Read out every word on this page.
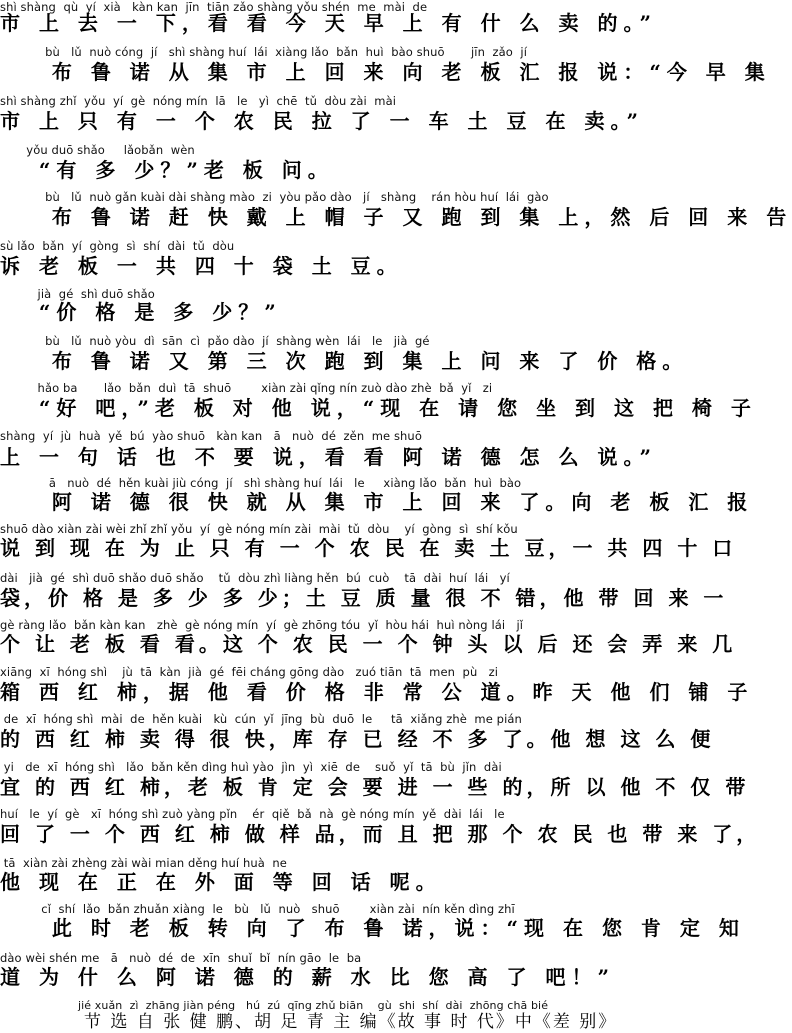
shì shàng  qù  yí  xià   kàn kan  jīn  tiān zǎo shàng yǒu shén  me  mài  de
市 上 去 一 下，看 看 今 天 早 上 有 什 么 卖 的。”
bù   lǔ  nuò cóng  jí   shì shàng huí  lái  xiàng lǎo  bǎn  huì  bào shuō       jīn  zǎo  jí
布 鲁 诺 从 集 市 上 回 来 向 老 板 汇 报 说：“今 早 集
shì shàng zhǐ  yǒu  yí  gè  nóng mín  lā   le   yì  chē  tǔ  dòu zài  mài
市 上 只 有 一 个 农 民 拉 了 一 车 土 豆 在 卖。”
yǒu duō shǎo     lǎobǎn  wèn
“有 多 少？”老 板 问。
bù   lǔ  nuò gǎn kuài dài shàng mào  zi  yòu pǎo dào   jí   shàng    rán hòu huí  lái  gào
布 鲁 诺 赶 快 戴 上 帽 子 又 跑 到 集 上，然 后 回 来 告
sù lǎo  bǎn  yí  gòng  sì  shí  dài  tǔ  dòu
诉 老 板 一 共 四 十 袋 土 豆。
jià  gé  shì duō shǎo
“价 格 是 多 少？”
bù   lǔ  nuò yòu  dì  sān  cì  pǎo dào  jí  shàng wèn  lái   le   jià  gé
布 鲁 诺 又 第 三 次 跑 到 集 上 问 来 了 价 格。
hǎo ba       lǎo  bǎn  duì  tā  shuō        xiàn zài qǐng nín zuò dào zhè  bǎ  yǐ   zi
“好 吧，”老 板 对 他 说，“现 在 请 您 坐 到 这 把 椅 子
shàng  yí  jù  huà  yě  bú  yào shuō   kàn kan   ā   nuò  dé  zěn  me shuō
上 一 句 话 也 不 要 说，看 看 阿 诺 德 怎 么 说。”
ā   nuò  dé  hěn kuài jiù cóng  jí   shì shàng huí  lái   le     xiàng lǎo  bǎn  huì  bào
阿 诺 德 很 快 就 从 集 市 上 回 来 了。向 老 板 汇 报
shuō dào xiàn zài wèi zhǐ zhǐ yǒu  yí  gè nóng mín zài  mài  tǔ  dòu    yí  gòng  sì  shí kǒu
说 到 现 在 为 止 只 有 一 个 农 民 在 卖 土 豆，一 共 四 十 口
dài   jià  gé  shì duō shǎo duō shǎo    tǔ  dòu zhì liàng hěn  bú  cuò    tā  dài  huí  lái   yí
袋，价 格 是 多 少 多 少；土 豆 质 量 很 不 错，他 带 回 来 一
gè ràng lǎo  bǎn kàn kan   zhè  gè nóng mín  yí  gè zhōng tóu  yǐ  hòu hái  huì nòng lái   jǐ
个 让 老 板 看 看。这 个 农 民 一 个 钟 头 以 后 还 会 弄 来 几
xiāng  xī  hóng shì    jù  tā  kàn  jià  gé  fēi cháng gōng dào   zuó tiān  tā  men  pù   zi
箱 西 红 柿，据 他 看 价 格 非 常 公 道。昨 天 他 们 铺 子
de  xī  hóng shì  mài  de  hěn kuài   kù  cún  yǐ  jīng  bù  duō  le     tā  xiǎng zhè  me pián
的 西 红 柿 卖 得 很 快，库 存 已 经 不 多 了。他 想 这 么 便
yi   de  xī  hóng shì   lǎo  bǎn kěn dìng huì yào  jìn  yì  xiē  de    suǒ  yǐ  tā  bù  jǐn  dài
宜 的 西 红 柿，老 板 肯 定 会 要 进 一 些 的，所 以 他 不 仅 带
huí   le  yí  gè   xī  hóng shì zuò yàng pǐn    ér  qiě  bǎ  nà  gè nóng mín  yě  dài  lái   le
回 了 一 个 西 红 柿 做 样 品，而 且 把 那 个 农 民 也 带 来 了，
tā  xiàn zài zhèng zài wài mian děng huí huà  ne
他 现 在 正 在 外 面 等 回 话 呢。
cǐ  shí  lǎo  bǎn zhuǎn xiàng  le   bù   lǔ  nuò   shuō        xiàn zài  nín kěn dìng zhī
此 时 老 板 转 向 了 布 鲁 诺，说：“现 在 您 肯 定 知
dào wèi shén me   ā   nuò  dé  de  xīn  shuǐ  bǐ  nín gāo  le  ba
道 为 什 么 阿 诺 德 的 薪 水 比 您 高 了 吧！”
jié xuǎn  zì  zhāng jiàn péng   hú  zú  qīng zhǔ biān    gù  shi  shí  dài  zhōng chā bié
节 选 自 张 健 鹏、胡 足 青 主 编《故 事 时 代》中《差 别》
